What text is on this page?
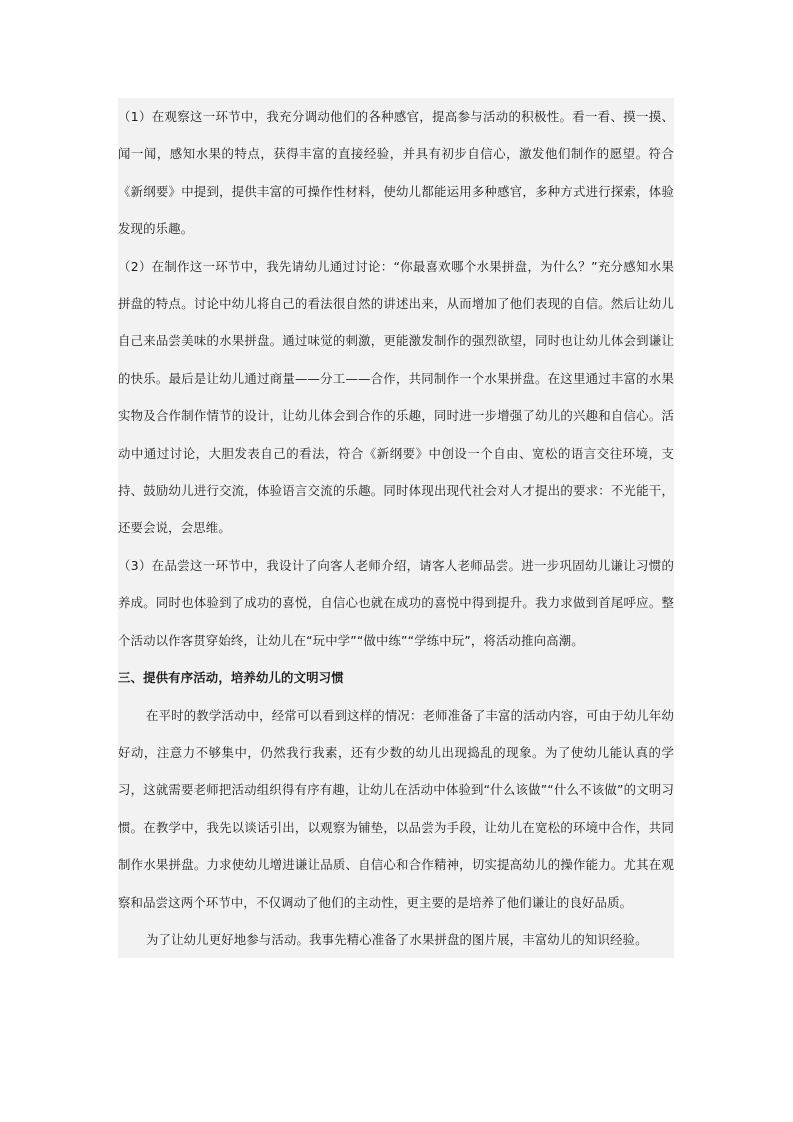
（1）在观察这一环节中，我充分调动他们的各种感官，提高参与活动的积极性。看一看、摸一摸、闻一闻，感知水果的特点，获得丰富的直接经验，并具有初步自信心，激发他们制作的愿望。符合《新纲要》中提到，提供丰富的可操作性材料，使幼儿都能运用多种感官，多种方式进行探索，体验发现的乐趣。

（2）在制作这一环节中，我先请幼儿通过讨论：“你最喜欢哪个水果拼盘，为什么？”充分感知水果拼盘的特点。讨论中幼儿将自己的看法很自然的讲述出来，从而增加了他们表现的自信。然后让幼儿自己来品尝美味的水果拼盘。通过味觉的刺激，更能激发制作的强烈欲望，同时也让幼儿体会到谦让的快乐。最后是让幼儿通过商量——分工——合作，共同制作一个水果拼盘。在这里通过丰富的水果实物及合作制作情节的设计，让幼儿体会到合作的乐趣，同时进一步增强了幼儿的兴趣和自信心。活动中通过讨论，大胆发表自己的看法，符合《新纲要》中创设一个自由、宽松的语言交往环境，支持、鼓励幼儿进行交流，体验语言交流的乐趣。同时体现出现代社会对人才提出的要求：不光能干，还要会说，会思维。

（3）在品尝这一环节中，我设计了向客人老师介绍，请客人老师品尝。进一步巩固幼儿谦让习惯的养成。同时也体验到了成功的喜悦，自信心也就在成功的喜悦中得到提升。我力求做到首尾呼应。整个活动以作客贯穿始终，让幼儿在“玩中学”“做中练”“学练中玩”，将活动推向高潮。

三、提供有序活动，培养幼儿的文明习惯

在平时的教学活动中，经常可以看到这样的情况：老师准备了丰富的活动内容，可由于幼儿年幼好动，注意力不够集中，仍然我行我素，还有少数的幼儿出现捣乱的现象。为了使幼儿能认真的学习，这就需要老师把活动组织得有序有趣，让幼儿在活动中体验到“什么该做”“什么不该做”的文明习惯。在教学中，我先以谈话引出，以观察为铺垫，以品尝为手段，让幼儿在宽松的环境中合作，共同制作水果拼盘。力求使幼儿增进谦让品质、自信心和合作精神，切实提高幼儿的操作能力。尤其在观察和品尝这两个环节中，不仅调动了他们的主动性，更主要的是培养了他们谦让的良好品质。

为了让幼儿更好地参与活动。我事先精心准备了水果拼盘的图片展，丰富幼儿的知识经验。
